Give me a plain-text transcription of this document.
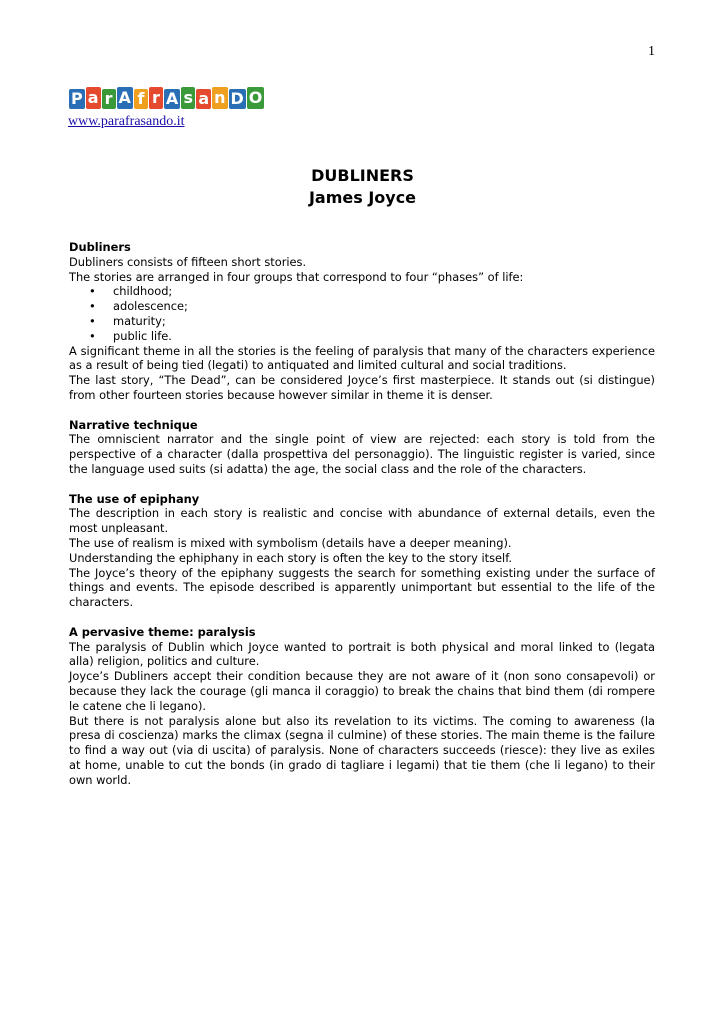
1
P a r A f r A s a n D O
www.parafrasando.it
DUBLINERS
James Joyce
Dubliners

Dubliners consists of fifteen short stories.

The stories are arranged in four groups that correspond to four “phases” of life:

• childhood;
• adolescence;
• maturity;
• public life.

A significant theme in all the stories is the feeling of paralysis that many of the characters experience as a result of being tied (legati) to antiquated and limited cultural and social traditions.

The last story, “The Dead”, can be considered Joyce’s first masterpiece. It stands out (si distingue) from other fourteen stories because however similar in theme it is denser.

Narrative technique

The omniscient narrator and the single point of view are rejected: each story is told from the perspective of a character (dalla prospettiva del personaggio). The linguistic register is varied, since the language used suits (si adatta) the age, the social class and the role of the characters.

The use of epiphany

The description in each story is realistic and concise with abundance of external details, even the most unpleasant.

The use of realism is mixed with symbolism (details have a deeper meaning).

Understanding the ephiphany in each story is often the key to the story itself.

The Joyce’s theory of the epiphany suggests the search for something existing under the surface of things and events. The episode described is apparently unimportant but essential to the life of the characters.

A pervasive theme: paralysis

The paralysis of Dublin which Joyce wanted to portrait is both physical and moral linked to (legata alla) religion, politics and culture.

Joyce’s Dubliners accept their condition because they are not aware of it (non sono consapevoli) or because they lack the courage (gli manca il coraggio) to break the chains that bind them (di rompere le catene che li legano).

But there is not paralysis alone but also its revelation to its victims. The coming to awareness (la presa di coscienza) marks the climax (segna il culmine) of these stories. The main theme is the failure to find a way out (via di uscita) of paralysis. None of characters succeeds (riesce): they live as exiles at home, unable to cut the bonds (in grado di tagliare i legami) that tie them (che li legano) to their own world.
